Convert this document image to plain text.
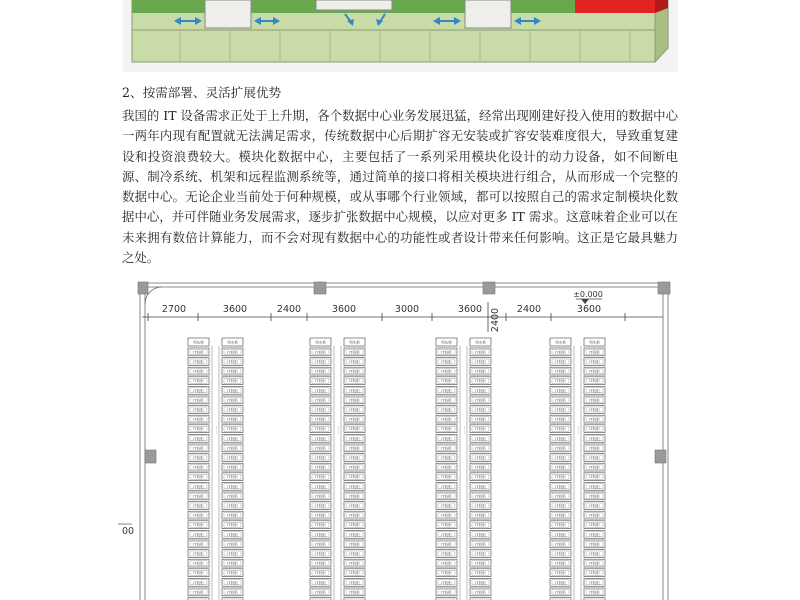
2、按需部署、灵活扩展优势

我国的 IT 设备需求正处于上升期，各个数据中心业务发展迅猛，经常出现刚建好投入使用的数据中心一两年内现有配置就无法满足需求，传统数据中心后期扩容无安装或扩容安装难度很大，导致重复建设和投资浪费较大。模块化数据中心，主要包括了一系列采用模块化设计的动力设备，如不间断电源、制冷系统、机架和远程监测系统等，通过简单的接口将相关模块进行组合，从而形成一个完整的数据中心。无论企业当前处于何种规模，或从事哪个行业领域，都可以按照自己的需求定制模块化数据中心，并可伴随业务发展需求，逐步扩张数据中心规模，以应对更多 IT 需求。这意味着企业可以在未来拥有数倍计算能力，而不会对现有数据中心的功能性或者设计带来任何影响。这正是它最具魅力之处。

2700	3600	2400	3600	3000	3600	2400	3600
2400
±0.000
00
列头柜
IT机柜
IT机柜
IT机柜
IT机柜
IT机柜
IT机柜
IT机柜
IT机柜
IT机柜
IT机柜
IT机柜
IT机柜
IT机柜
IT机柜
IT机柜
IT机柜
IT机柜
IT机柜
IT机柜
IT机柜
IT机柜
IT机柜
IT机柜
IT机柜
IT机柜
IT机柜
列头柜
IT机柜
IT机柜
IT机柜
IT机柜
IT机柜
IT机柜
IT机柜
IT机柜
IT机柜
IT机柜
IT机柜
IT机柜
IT机柜
IT机柜
IT机柜
IT机柜
IT机柜
IT机柜
IT机柜
IT机柜
IT机柜
IT机柜
IT机柜
IT机柜
IT机柜
IT机柜
·······
列头柜
IT机柜
IT机柜
IT机柜
IT机柜
IT机柜
IT机柜
IT机柜
IT机柜
IT机柜
IT机柜
IT机柜
IT机柜
IT机柜
IT机柜
IT机柜
IT机柜
IT机柜
IT机柜
IT机柜
IT机柜
IT机柜
IT机柜
IT机柜
IT机柜
IT机柜
IT机柜
列头柜
IT机柜
IT机柜
IT机柜
IT机柜
IT机柜
IT机柜
IT机柜
IT机柜
IT机柜
IT机柜
IT机柜
IT机柜
IT机柜
IT机柜
IT机柜
IT机柜
IT机柜
IT机柜
IT机柜
IT机柜
IT机柜
IT机柜
IT机柜
IT机柜
IT机柜
IT机柜
·······
列头柜
IT机柜
IT机柜
IT机柜
IT机柜
IT机柜
IT机柜
IT机柜
IT机柜
IT机柜
IT机柜
IT机柜
IT机柜
IT机柜
IT机柜
IT机柜
IT机柜
IT机柜
IT机柜
IT机柜
IT机柜
IT机柜
IT机柜
IT机柜
IT机柜
IT机柜
IT机柜
列头柜
IT机柜
IT机柜
IT机柜
IT机柜
IT机柜
IT机柜
IT机柜
IT机柜
IT机柜
IT机柜
IT机柜
IT机柜
IT机柜
IT机柜
IT机柜
IT机柜
IT机柜
IT机柜
IT机柜
IT机柜
IT机柜
IT机柜
IT机柜
IT机柜
IT机柜
IT机柜
·······
列头柜
IT机柜
IT机柜
IT机柜
IT机柜
IT机柜
IT机柜
IT机柜
IT机柜
IT机柜
IT机柜
IT机柜
IT机柜
IT机柜
IT机柜
IT机柜
IT机柜
IT机柜
IT机柜
IT机柜
IT机柜
IT机柜
IT机柜
IT机柜
IT机柜
IT机柜
IT机柜
列头柜
IT机柜
IT机柜
IT机柜
IT机柜
IT机柜
IT机柜
IT机柜
IT机柜
IT机柜
IT机柜
IT机柜
IT机柜
IT机柜
IT机柜
IT机柜
IT机柜
IT机柜
IT机柜
IT机柜
IT机柜
IT机柜
IT机柜
IT机柜
IT机柜
IT机柜
IT机柜
·······
